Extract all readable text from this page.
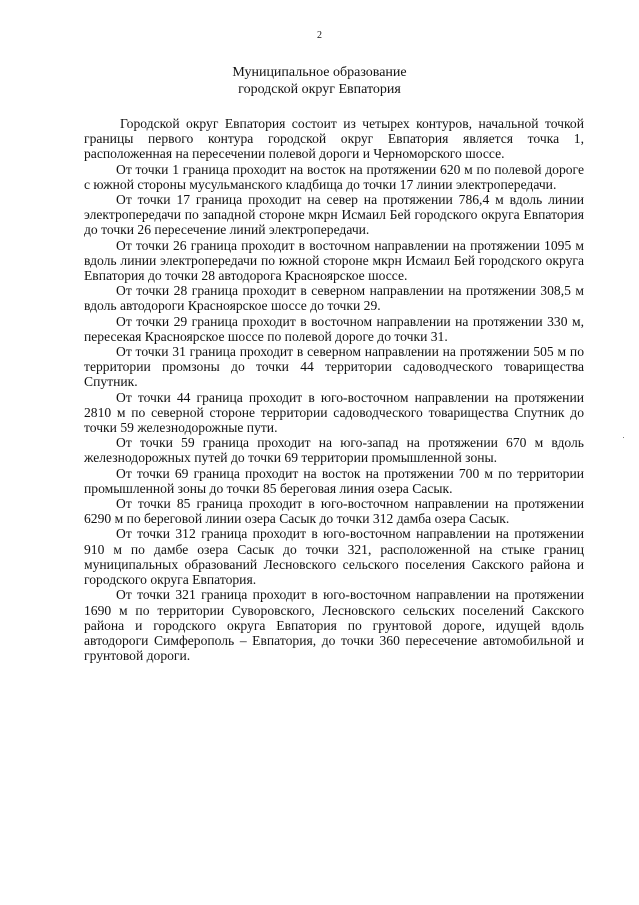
2
Муниципальное образование
городской округ Евпатория

Городской округ Евпатория состоит из четырех контуров, начальной точкой границы первого контура городской округ Евпатория является точка 1, расположенная на пересечении полевой дороги и Черноморского шоссе.

От точки 1 граница проходит на восток на протяжении 620 м по полевой дороге с южной стороны мусульманского кладбища до точки 17 линии электропередачи.

От точки 17 граница проходит на север на протяжении 786,4 м вдоль линии электропередачи по западной стороне мкрн Исмаил Бей городского округа Евпатория до точки 26 пересечение линий электропередачи.

От точки 26 граница проходит в восточном направлении на протяжении 1095 м вдоль линии электропередачи по южной стороне мкрн Исмаил Бей городского округа Евпатория до точки 28 автодорога Красноярское шоссе.

От точки 28 граница проходит в северном направлении на протяжении 308,5 м вдоль автодороги Красноярское шоссе до точки 29.

От точки 29 граница проходит в восточном направлении на протяжении 330 м, пересекая Красноярское шоссе по полевой дороге до точки 31.

От точки 31 граница проходит в северном направлении на протяжении 505 м по территории промзоны до точки 44 территории садоводческого товарищества Спутник.

От точки 44 граница проходит в юго-восточном направлении на протяжении 2810 м по северной стороне территории садоводческого товарищества Спутник до точки 59 железнодорожные пути.

От точки 59 граница проходит на юго-запад на протяжении 670 м вдоль железнодорожных путей до точки 69 территории промышленной зоны.

От точки 69 граница проходит на восток на протяжении 700 м по территории промышленной зоны до точки 85 береговая линия озера Сасык.

От точки 85 граница проходит в юго-восточном направлении на протяжении 6290 м по береговой линии озера Сасык до точки 312 дамба озера Сасык.

От точки 312 граница проходит в юго-восточном направлении на протяжении 910 м по дамбе озера Сасык до точки 321, расположенной на стыке границ муниципальных образований Лесновского сельского поселения Сакского района и городского округа Евпатория.

От точки 321 граница проходит в юго-восточном направлении на протяжении 1690 м по территории Суворовского, Лесновского сельских поселений Сакского района и городского округа Евпатория по грунтовой дороге, идущей вдоль автодороги Симферополь – Евпатория, до точки 360 пересечение автомобильной и грунтовой дороги.
